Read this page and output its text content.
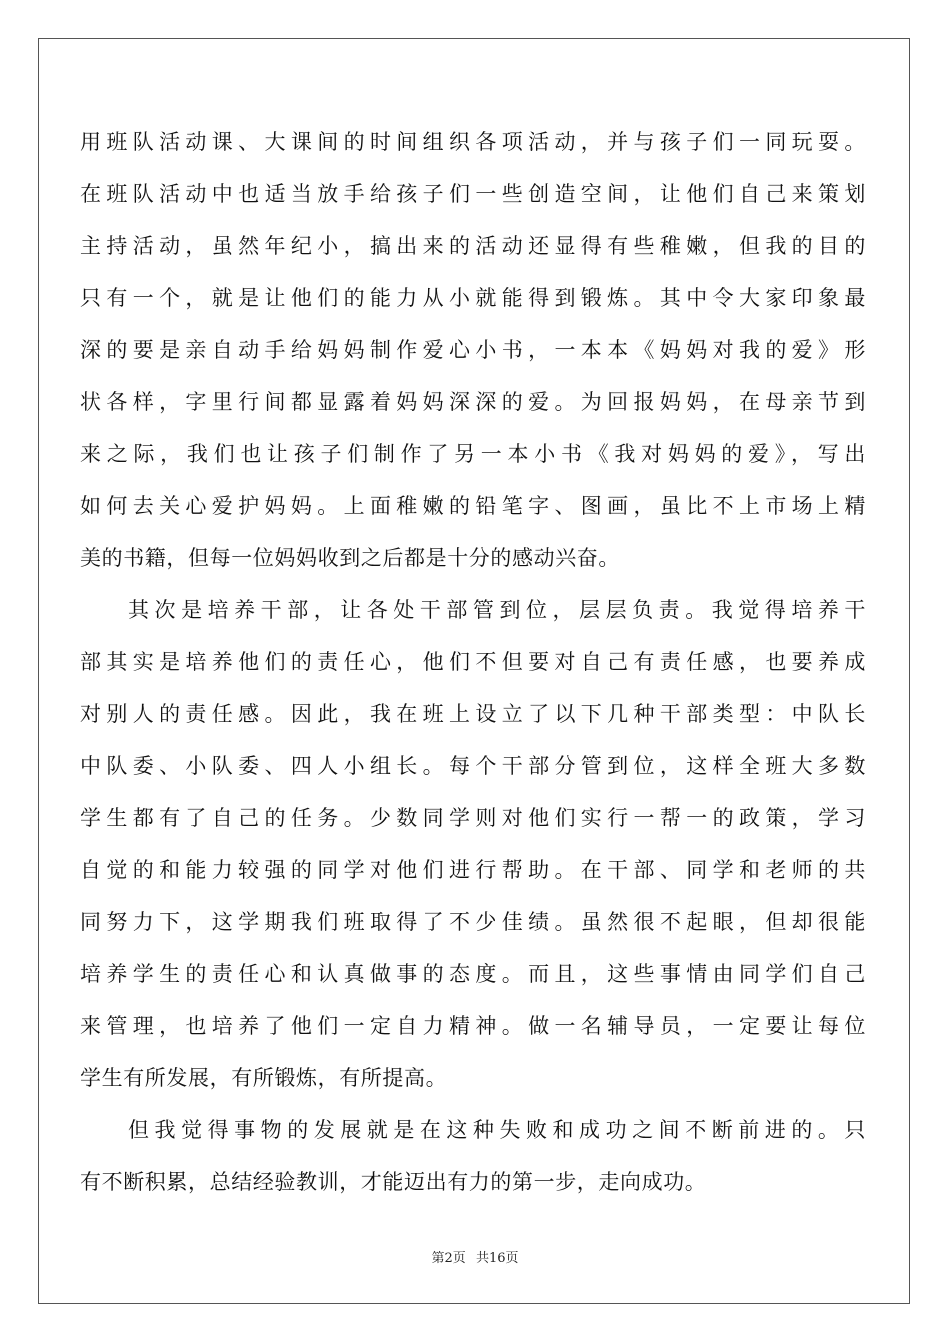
用班队活动课、大课间的时间组织各项活动，并与孩子们一同玩耍。
在班队活动中也适当放手给孩子们一些创造空间，让他们自己来策划
主持活动，虽然年纪小，搞出来的活动还显得有些稚嫩，但我的目的
只有一个，就是让他们的能力从小就能得到锻炼。其中令大家印象最
深的要是亲自动手给妈妈制作爱心小书，一本本《妈妈对我的爱》形
状各样，字里行间都显露着妈妈深深的爱。为回报妈妈，在母亲节到
来之际，我们也让孩子们制作了另一本小书《我对妈妈的爱》，写出
如何去关心爱护妈妈。上面稚嫩的铅笔字、图画，虽比不上市场上精
美的书籍，但每一位妈妈收到之后都是十分的感动兴奋。
其次是培养干部，让各处干部管到位，层层负责。我觉得培养干
部其实是培养他们的责任心，他们不但要对自己有责任感，也要养成
对别人的责任感。因此，我在班上设立了以下几种干部类型：中队长
中队委、小队委、四人小组长。每个干部分管到位，这样全班大多数
学生都有了自己的任务。少数同学则对他们实行一帮一的政策，学习
自觉的和能力较强的同学对他们进行帮助。在干部、同学和老师的共
同努力下，这学期我们班取得了不少佳绩。虽然很不起眼，但却很能
培养学生的责任心和认真做事的态度。而且，这些事情由同学们自己
来管理，也培养了他们一定自力精神。做一名辅导员，一定要让每位
学生有所发展，有所锻炼，有所提高。
但我觉得事物的发展就是在这种失败和成功之间不断前进的。只
有不断积累，总结经验教训，才能迈出有力的第一步，走向成功。
第2页 共16页
